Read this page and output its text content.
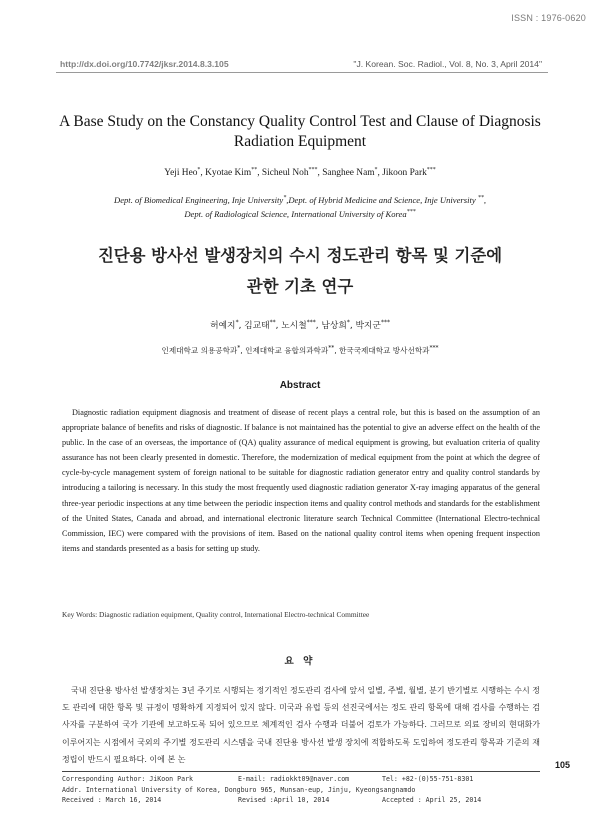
ISSN : 1976-0620
http://dx.doi.org/10.7742/jksr.2014.8.3.105	"J. Korean. Soc. Radiol., Vol. 8, No. 3, April 2014"
A Base Study on the Constancy Quality Control Test and Clause of Diagnosis Radiation Equipment
Yeji Heo*, Kyotae Kim**, Sicheul Noh***, Sanghee Nam*, Jikoon Park***
Dept. of Biomedical Engineering, Inje University*,Dept. of Hybrid Medicine and Science, Inje University **,
Dept. of Radiological Science, International University of Korea***
진단용 방사선 발생장치의 수시 정도관리 항목 및 기준에
관한 기초 연구
허예지*, 김교태**, 노시철***, 남상희*, 박지군***
인제대학교 의용공학과*, 인제대학교 융합의과학과**, 한국국제대학교 방사선학과***
Abstract

Diagnostic radiation equipment diagnosis and treatment of disease of recent plays a central role, but this is based on the assumption of an appropriate balance of benefits and risks of diagnostic. If balance is not maintained has the potential to give an adverse effect on the health of the public. In the case of an overseas, the importance of (QA) quality assurance of medical equipment is growing, but evaluation criteria of quality assurance has not been clearly presented in domestic. Therefore, the modernization of medical equipment from the point at which the degree of cycle-by-cycle management system of foreign national to be suitable for diagnostic radiation generator entry and quality control standards by introducing a tailoring is necessary. In this study the most frequently used diagnostic radiation generator X-ray imaging apparatus of the general three-year periodic inspections at any time between the periodic inspection items and quality control methods and standards for the establishment of the United States, Canada and abroad, and international electronic literature search Technical Committee (International Electro-technical Commission, IEC) were compared with the provisions of item. Based on the national quality control items when opening frequent inspection items and standards presented as a basis for setting up study.

Key Words: Diagnostic radiation equipment, Quality control, International Electro-technical Committee
요 약

국내 진단용 방사선 발생장치는 3년 주기로 시행되는 정기적인 정도관리 검사에 앞서 일별, 주별, 월별, 분기 반기별로 시행하는 수시 정도 관리에 대한 항목 및 규정이 명확하게 지정되어 있지 않다. 미국과 유럽 등의 선진국에서는 정도 관리 항목에 대해 검사를 수행하는 검사자를 구분하여 국가 기관에 보고하도록 되어 있으므로 체계적인 검사 수행과 더불어 검토가 가능하다. 그러므로 의료 장비의 현대화가 이루어지는 시점에서 국외의 주기별 정도관리 시스템을 국내 진단용 방사선 발생 장치에 적합하도록 도입하여 정도관리 항목과 기준의 재정립이 반드시 필요하다. 이에 본 논

105
Corresponding Author: JiKoon Park	E-mail: radiokkt09@naver.com	Tel: +82-(0)55-751-8301
Addr. International University of Korea, Dongburo 965, Munsan-eup, Jinju, Kyeongsangnamdo
Received : March 16, 2014	Revised :April 10, 2014	Accepted : April 25, 2014
